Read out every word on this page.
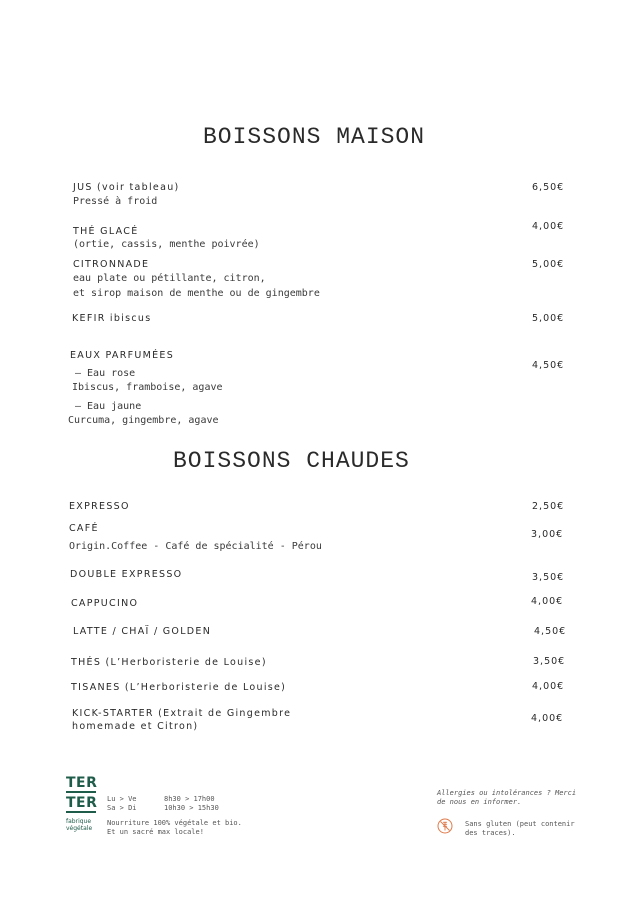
BOISSONS MAISON
JUS (voir tableau)
Pressé à froid
6,50€
THÉ GLACÉ
(ortie, cassis, menthe poivrée)
4,00€
CITRONNADE
eau plate ou pétillante, citron,
et sirop maison de menthe ou de gingembre
5,00€
KEFIR ibiscus	5,00€
EAUX PARFUMÉES
4,50€
— Eau rose
Ibiscus, framboise, agave
— Eau jaune
Curcuma, gingembre, agave
BOISSONS CHAUDES
EXPRESSO	2,50€
CAFÉ
Origin.Coffee - Café de spécialité - Pérou
3,00€
DOUBLE EXPRESSO	3,50€
CAPPUCINO	4,00€
LATTE / CHAÏ / GOLDEN	4,50€
THÉS (L’Herboristerie de Louise)	3,50€
TISANES (L’Herboristerie de Louise)	4,00€
KICK-STARTER (Extrait de Gingembre
homemade et Citron)
4,00€
TER
TER
fabrique
végétale
Lu > Ve	8h30 > 17h00
Sa > Di	10h30 > 15h30
Nourriture 100% végétale et bio.
Et un sacré max locale!
Allergies ou intolérances ? Merci
de nous en informer.
Sans gluten (peut contenir
des traces).
